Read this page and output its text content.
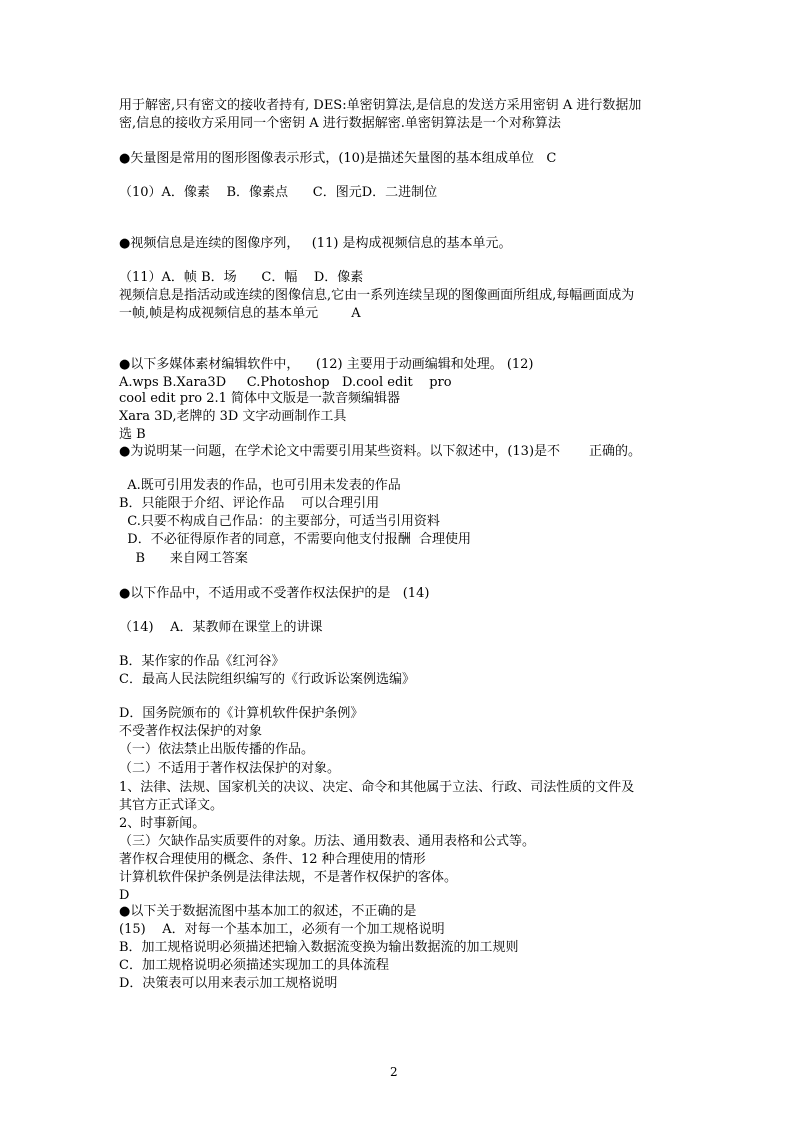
用于解密,只有密文的接收者持有, DES:单密钥算法,是信息的发送方采用密钥 A 进行数据加
密,信息的接收方采用同一个密钥 A 进行数据解密.单密钥算法是一个对称算法
●矢量图是常用的图形图像表示形式，(10)是描述矢量图的基本组成单位   C
（10）A．像素    B．像素点      C．图元D．二进制位
●视频信息是连续的图像序列，   (11) 是构成视频信息的基本单元。
（11）A．帧 B．场      C．幅    D．像素
视频信息是指活动或连续的图像信息,它由一系列连续呈现的图像画面所组成,每幅画面成为
一帧,帧是构成视频信息的基本单元        A
●以下多媒体素材编辑软件中，    (12) 主要用于动画编辑和处理。 (12)
A.wps B.Xara3D     C.Photoshop   D.cool edit    pro
cool edit pro 2.1 简体中文版是一款音频编辑器
Xara 3D,老牌的 3D 文字动画制作工具
选 B
●为说明某一问题，在学术论文中需要引用某些资料。以下叙述中，(13)是不       正确的。
A.既可引用发表的作品，也可引用未发表的作品
B．只能限于介绍、评论作品    可以合理引用
C.只要不构成自己作品：的主要部分，可适当引用资料
D．不必征得原作者的同意，不需要向他支付报酬  合理使用
B      来自网工答案
●以下作品中，不适用或不受著作权法保护的是   (14)
（14)    A．某教师在课堂上的讲课
B．某作家的作品《红河谷》
C．最高人民法院组织编写的《行政诉讼案例选编》
D．国务院颁布的《计算机软件保护条例》
不受著作权法保护的对象
（一）依法禁止出版传播的作品。
（二）不适用于著作权法保护的对象。
1、法律、法规、国家机关的决议、决定、命令和其他属于立法、行政、司法性质的文件及
其官方正式译文。
2、时事新闻。
（三）欠缺作品实质要件的对象。历法、通用数表、通用表格和公式等。
著作权合理使用的概念、条件、12 种合理使用的情形
计算机软件保护条例是法律法规，不是著作权保护的客体。
D
●以下关于数据流图中基本加工的叙述，不正确的是
(15)    A．对每一个基本加工，必须有一个加工规格说明
B．加工规格说明必须描述把输入数据流变换为输出数据流的加工规则
C．加工规格说明必须描述实现加工的具体流程
D．决策表可以用来表示加工规格说明
2
